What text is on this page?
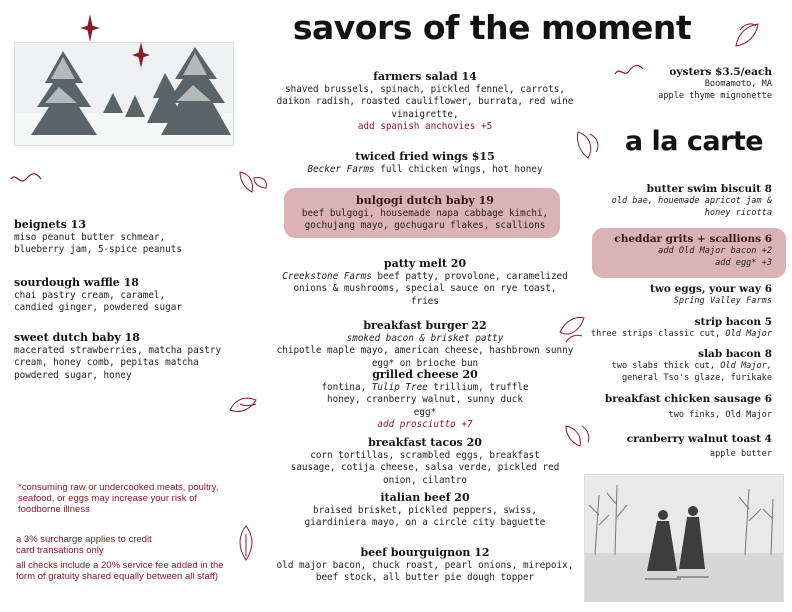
savors of the moment
a la carte
oysters $3.5/each
Boomamoto, MA
apple thyme mignonette
farmers salad 14
shaved brussels, spinach, pickled fennel, carrots, daikon radish, roasted cauliflower, burrata, red wine vinaigrette,
add spanish anchovies +5
twiced fried wings $15
Becker Farms full chicken wings, hot honey
bulgogi dutch baby 19
beef bulgogi, housemade napa cabbage kimchi, gochujang mayo, gochugaru flakes, scallions
patty melt 20
Creekstone Farms beef patty, provolone, caramelized onions & mushrooms, special sauce on rye toast, fries
breakfast burger 22
smoked bacon & brisket patty
chipotle maple mayo, american cheese, hashbrown sunny egg* on brioche bun
grilled cheese 20
fontina, Tulip Tree trillium, truffle honey, cranberry walnut, sunny duck egg*
add prosciutto +7
breakfast tacos 20
corn tortillas, scrambled eggs, breakfast sausage, cotija cheese, salsa verde, pickled red onion, cilantro
italian beef 20
braised brisket, pickled peppers, swiss, giardiniera mayo, on a circle city baguette
beef bourguignon 12
old major bacon, chuck roast, pearl onions, mirepoix, beef stock, all butter pie dough topper
beignets 13
miso peanut butter schmear, blueberry jam, 5-spice peanuts
sourdough waffle 18
chai pastry cream, caramel, candied ginger, powdered sugar
sweet dutch baby 18
macerated strawberries, matcha pastry cream, honey comb, pepitas matcha powdered sugar, honey
butter swim biscuit 8
old bae, houemade apricot jam & honey ricotta
cheddar grits + scallions 6
add Old Major bacon +2
add egg* +3
two eggs, your way 6
Spring Valley Farms
strip bacon 5
three strips classic cut, Old Major
slab bacon 8
two slabs thick cut, Old Major,
general Tso's glaze, furikake
breakfast chicken sausage 6
two finks, Old Major
cranberry walnut toast 4
apple butter
*consuming raw or undercooked meats, poultry, seafood, or eggs may increase your risk of foodborne illness
a 3% surcharge applies to credit card transations only
all checks include a 20% service fee added in the form of gratuity shared equally between all staff)
